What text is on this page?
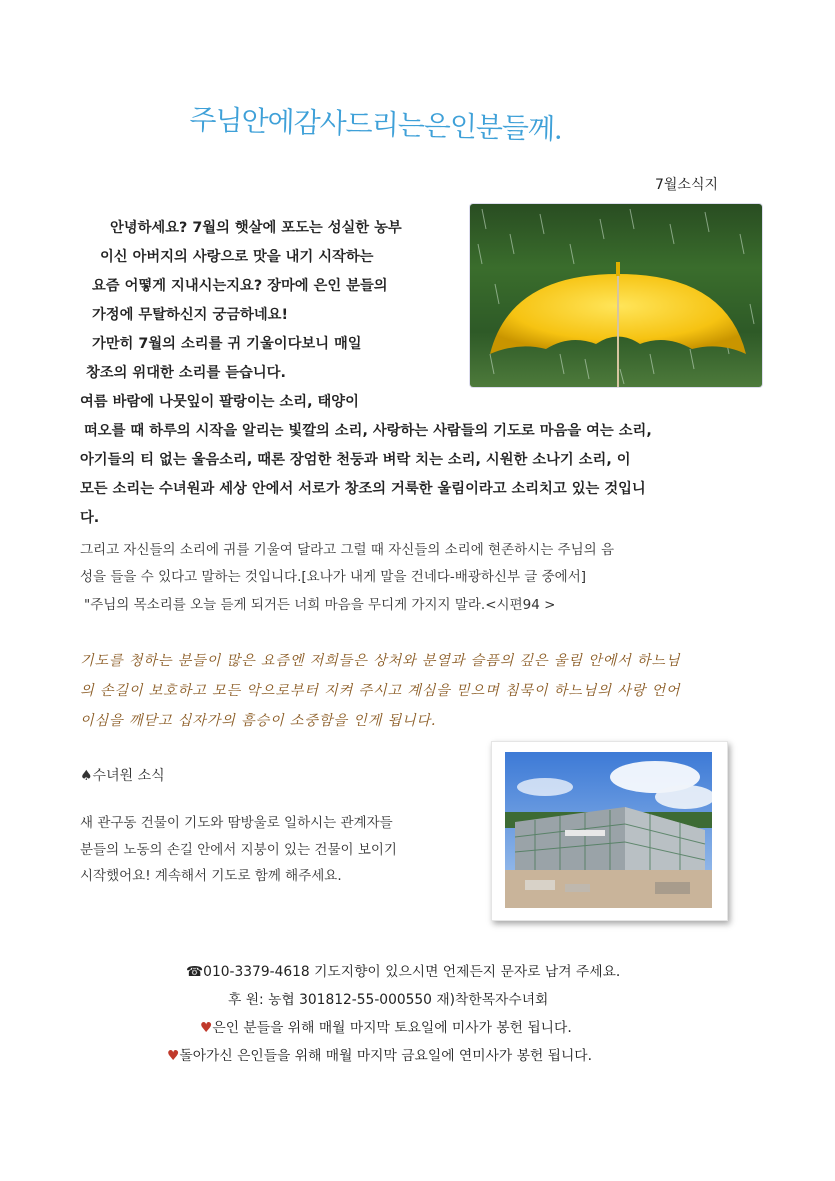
주님안에감사드리는은인분들께.
7월소식지
안녕하세요? 7월의 햇살에 포도는 성실한 농부
이신 아버지의 사랑으로 맛을 내기 시작하는
요즘 어떻게 지내시는지요? 장마에 은인 분들의
가정에 무탈하신지 궁금하네요!
가만히 7월의 소리를 귀 기울이다보니 매일
창조의 위대한 소리를 듣습니다.
여름 바람에 나뭇잎이 팔랑이는 소리, 태양이
떠오를 때 하루의 시작을 알리는 빛깔의 소리, 사랑하는 사람들의 기도로 마음을 여는 소리,
아기들의 티 없는 울음소리, 때론 장엄한 천둥과 벼락 치는 소리, 시원한 소나기 소리, 이
모든 소리는 수녀원과 세상 안에서 서로가 창조의 거룩한 울림이라고 소리치고 있는 것입니
다.
그리고 자신들의 소리에 귀를 기울여 달라고 그럴 때 자신들의 소리에 현존하시는 주님의 음
성을 들을 수 있다고 말하는 것입니다.[요나가 내게 말을 건네다-배광하신부 글 중에서]
"주님의 목소리를 오늘 듣게 되거든 너희 마음을 무디게 가지지 말라.<시편94 >
기도를 청하는 분들이 많은 요즘엔 저희들은 상처와 분열과 슬픔의 깊은 울림 안에서 하느님
의 손길이 보호하고 모든 악으로부터 지켜 주시고 계심을 믿으며 침묵이 하느님의 사랑 언어
이심을 깨닫고 십자가의 흠승이 소중함을 인게 됩니다.
♠수녀원 소식
새 관구동 건물이 기도와 땀방울로 일하시는 관계자들
분들의 노동의 손길 안에서 지붕이 있는 건물이 보이기
시작했어요! 계속해서 기도로 함께 해주세요.
☎010-3379-4618 기도지향이 있으시면 언제든지 문자로 남겨 주세요.
후 원: 농협 301812-55-000550 재)착한목자수녀회
♥은인 분들을 위해 매월 마지막 토요일에 미사가 봉헌 됩니다.
♥돌아가신 은인들을 위해 매월 마지막 금요일에 연미사가 봉헌 됩니다.
